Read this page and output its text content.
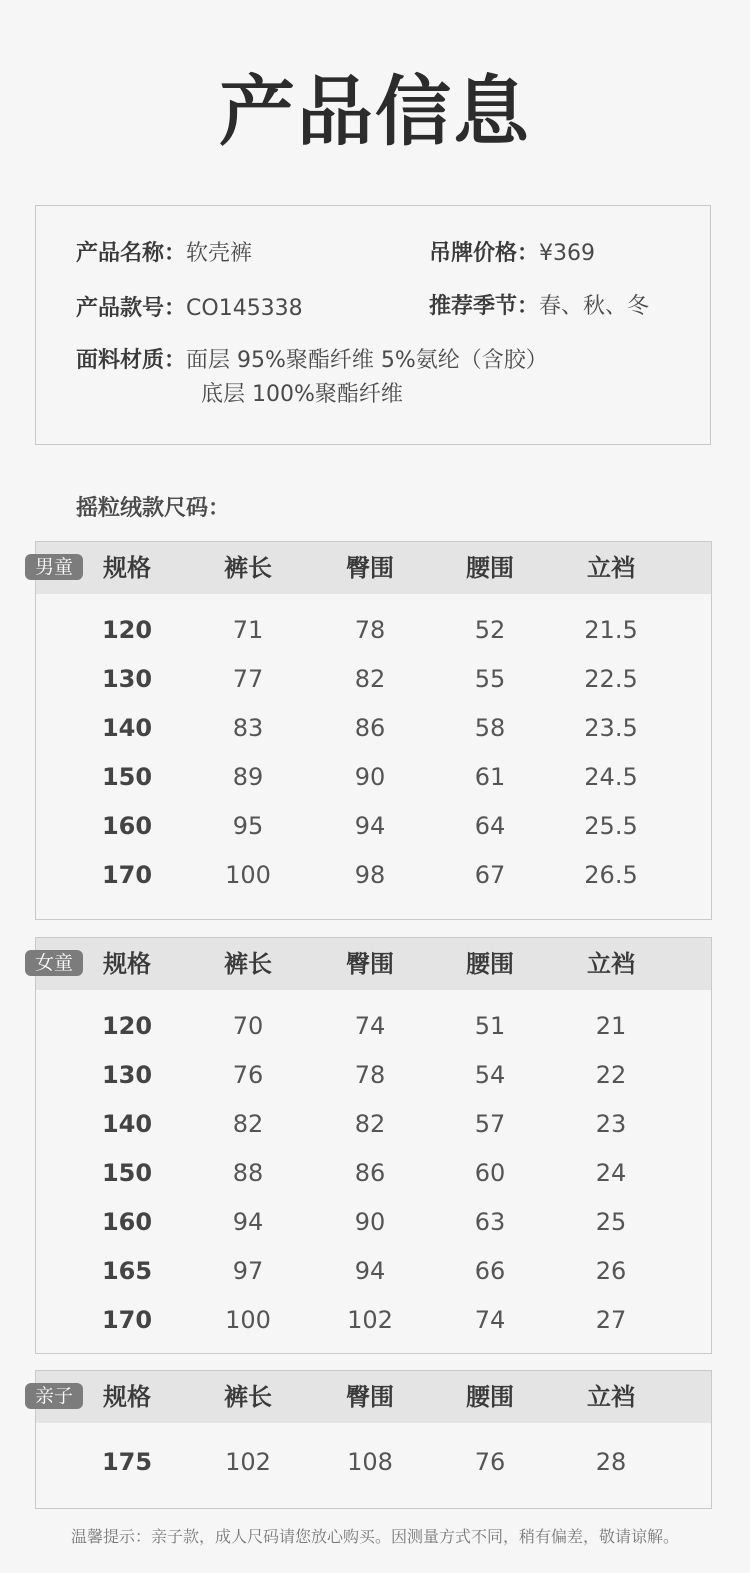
产品信息
产品名称：软壳裤	吊牌价格：¥369
产品款号：CO145338	推荐季节：春、秋、冬
面料材质：面层 95%聚酯纤维 5%氨纶（含胶）
底层 100%聚酯纤维
摇粒绒款尺码：
规格	裤长	臀围	腰围	立裆
120	71	78	52	21.5
130	77	82	55	22.5
140	83	86	58	23.5
150	89	90	61	24.5
160	95	94	64	25.5
170	100	98	67	26.5
男童
规格	裤长	臀围	腰围	立裆
120	70	74	51	21
130	76	78	54	22
140	82	82	57	23
150	88	86	60	24
160	94	90	63	25
165	97	94	66	26
170	100	102	74	27
女童
规格	裤长	臀围	腰围	立裆
175	102	108	76	28
亲子
温馨提示：亲子款，成人尺码请您放心购买。因测量方式不同，稍有偏差，敬请谅解。
